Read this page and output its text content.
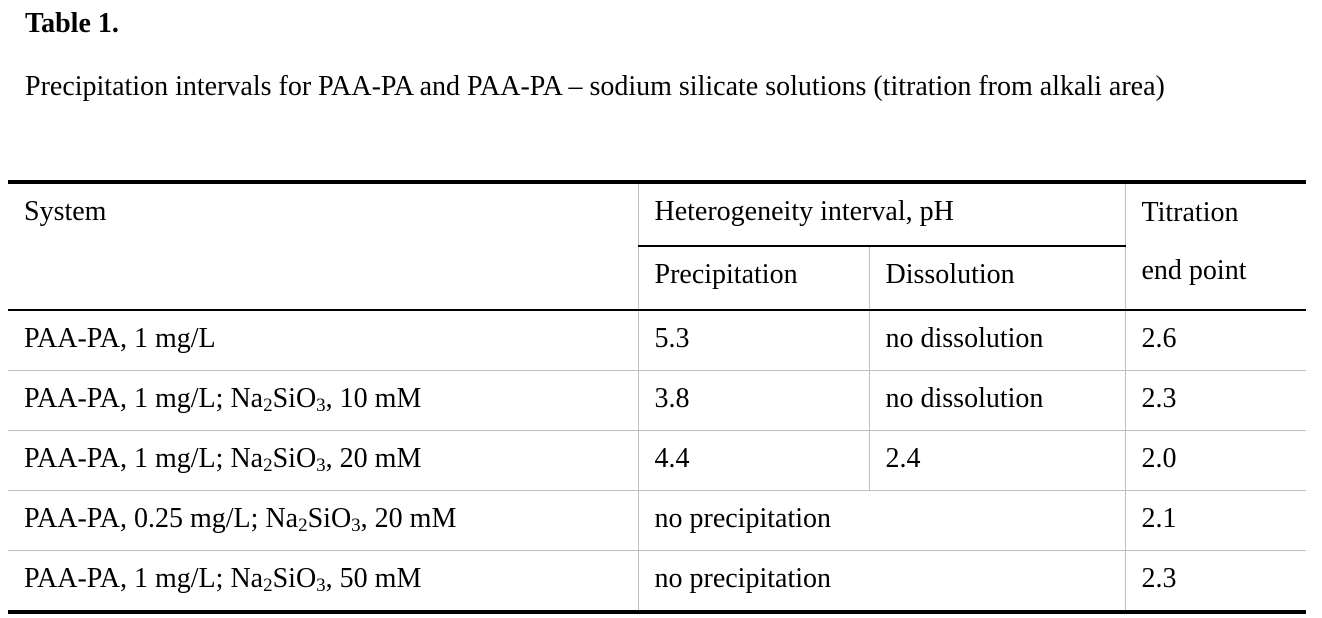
Table 1.

Precipitation intervals for PAA-PA and PAA-PA – sodium silicate solutions (titration from alkali area)

System	Heterogeneity interval, pH		Titration
end point
	Precipitation	Dissolution	
PAA-PA, 1 mg/L	5.3	no dissolution	2.6
PAA-PA, 1 mg/L; $Na_2SiO_3$, 10 mM	3.8	no dissolution	2.3
PAA-PA, 1 mg/L; $Na_2SiO_3$, 20 mM	4.4	2.4	2.0
PAA-PA, 0.25 mg/L; $Na_2SiO_3$, 20 mM	no precipitation		2.1
PAA-PA, 1 mg/L; $Na_2SiO_3$, 50 mM	no precipitation		2.3
